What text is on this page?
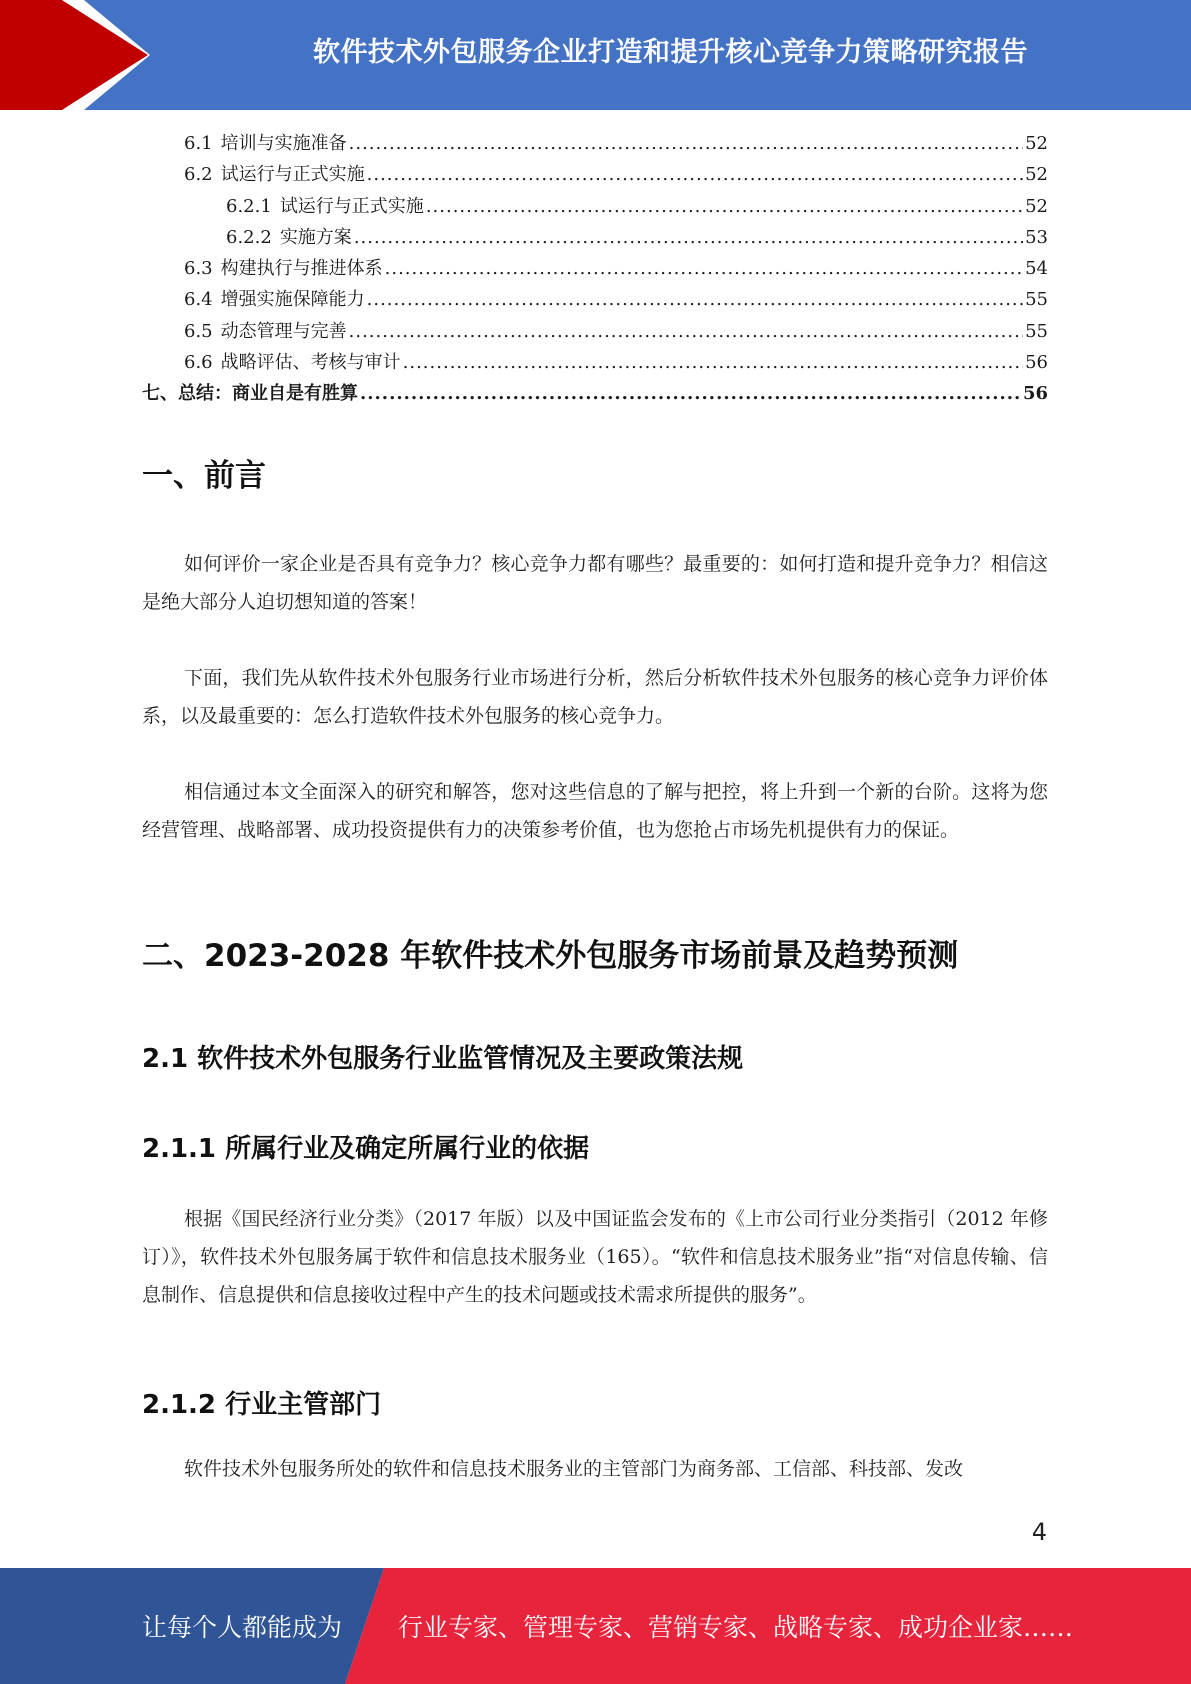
软件技术外包服务企业打造和提升核心竞争力策略研究报告
6.1 培训与实施准备 .....	52
6.2 试运行与正式实施 .....	52
6.2.1 试运行与正式实施 .....	52
6.2.2 实施方案 .....	53
6.3 构建执行与推进体系 .....	54
6.4 增强实施保障能力 .....	55
6.5 动态管理与完善 .....	55
6.6 战略评估、考核与审计 .....	56
七、总结：商业自是有胜算 .....	56
一、前言
如何评价一家企业是否具有竞争力？核心竞争力都有哪些？最重要的：如何打造和提升竞争力？相信这是绝大部分人迫切想知道的答案！
下面，我们先从软件技术外包服务行业市场进行分析，然后分析软件技术外包服务的核心竞争力评价体系，以及最重要的：怎么打造软件技术外包服务的核心竞争力。
相信通过本文全面深入的研究和解答，您对这些信息的了解与把控，将上升到一个新的台阶。这将为您经营管理、战略部署、成功投资提供有力的决策参考价值，也为您抢占市场先机提供有力的保证。
二、2023-2028 年软件技术外包服务市场前景及趋势预测
2.1 软件技术外包服务行业监管情况及主要政策法规
2.1.1 所属行业及确定所属行业的依据
根据《国民经济行业分类》（2017 年版）以及中国证监会发布的《上市公司行业分类指引（2012 年修订）》，软件技术外包服务属于软件和信息技术服务业（165）。“软件和信息技术服务业”指“对信息传输、信息制作、信息提供和信息接收过程中产生的技术问题或技术需求所提供的服务”。
2.1.2 行业主管部门
软件技术外包服务所处的软件和信息技术服务业的主管部门为商务部、工信部、科技部、发改
4
让每个人都能成为 行业专家、管理专家、营销专家、战略专家、成功企业家……
